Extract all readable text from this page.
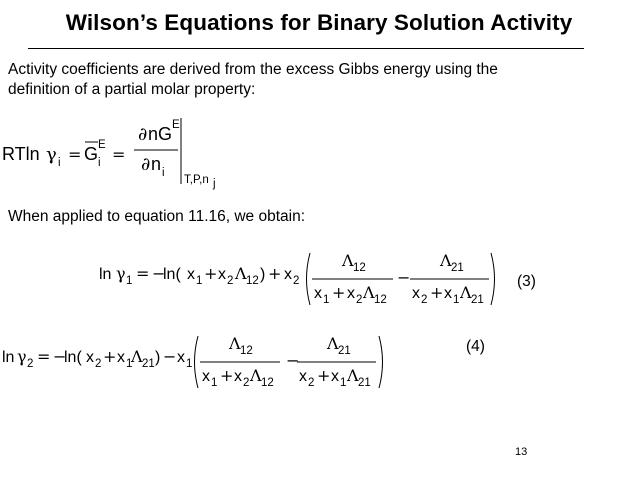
Wilson’s Equations for Binary Solution Activity
Activity coefficients are derived from the excess Gibbs energy using the
definition of a partial molar property:
RTln γ i = G E
i =
∂ nG E
∂ n i
T,P,n j
When applied to equation 11.16, we obtain:
ln γ 1 = −
ln( x 1 + x 2 Λ 12 ) + x 2
Λ 12
x 1 + x 2 Λ 12
−
Λ 21
x 2 + x 1 Λ 21
(3)
ln γ 2 = −
ln( x 2 + x 1
Λ 21 ) − x 1
Λ 12
x 1 + x 2 Λ 12
−
Λ 21
x 2 + x 1 Λ 21
(4)
13
